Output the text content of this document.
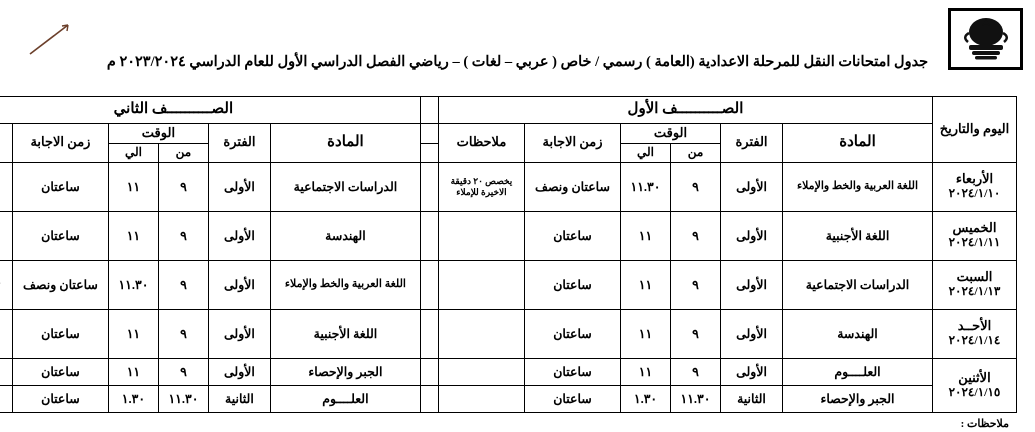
جدول امتحانات النقل للمرحلة الاعدادية (العامة ) رسمي / خاص ( عربي – لغات ) – رياضي الفصل الدراسي الأول للعام الدراسي ٢٠٢٣/٢٠٢٤ م
اليوم والتاريخ	الصــــــــــف الأول							الصــــــــــف الثاني					
	المادة	الفترة	الوقت		زمن الاجابة	ملاحظات		المادة	الفترة	الوقت		زمن الاجابة	
			من	الي						من	الي		

الأربعاء
٢٠٢٤/١/١٠	اللغة العربية والخط والإملاء	الأولى	٩	١١.٣٠	ساعتان ونصف	يخصص ٢٠ دقيقة الاخيرة للإملاء		الدراسات الاجتماعية	الأولى	٩	١١	ساعتان	

الخميس
٢٠٢٤/١/١١	اللغة الأجنبية	الأولى	٩	١١	ساعتان			الهندسة	الأولى	٩	١١	ساعتان	

السبت
٢٠٢٤/١/١٣	الدراسات الاجتماعية	الأولى	٩	١١	ساعتان			اللغة العربية والخط والإملاء	الأولى	٩	١١.٣٠	ساعتان ونصف	

الأحــد
٢٠٢٤/١/١٤	الهندسة	الأولى	٩	١١	ساعتان			اللغة الأجنبية	الأولى	٩	١١	ساعتان	

الأثنين
٢٠٢٤/١/١٥	العلــــوم	الأولى	٩	١١	ساعتان			الجبر والإحصاء	الأولى	٩	١١	ساعتان	
	الجبر والإحصاء	الثانية	١١.٣٠	١.٣٠	ساعتان			العلــــوم	الثانية	١١.٣٠	١.٣٠	ساعتان	
ملاحظات :
